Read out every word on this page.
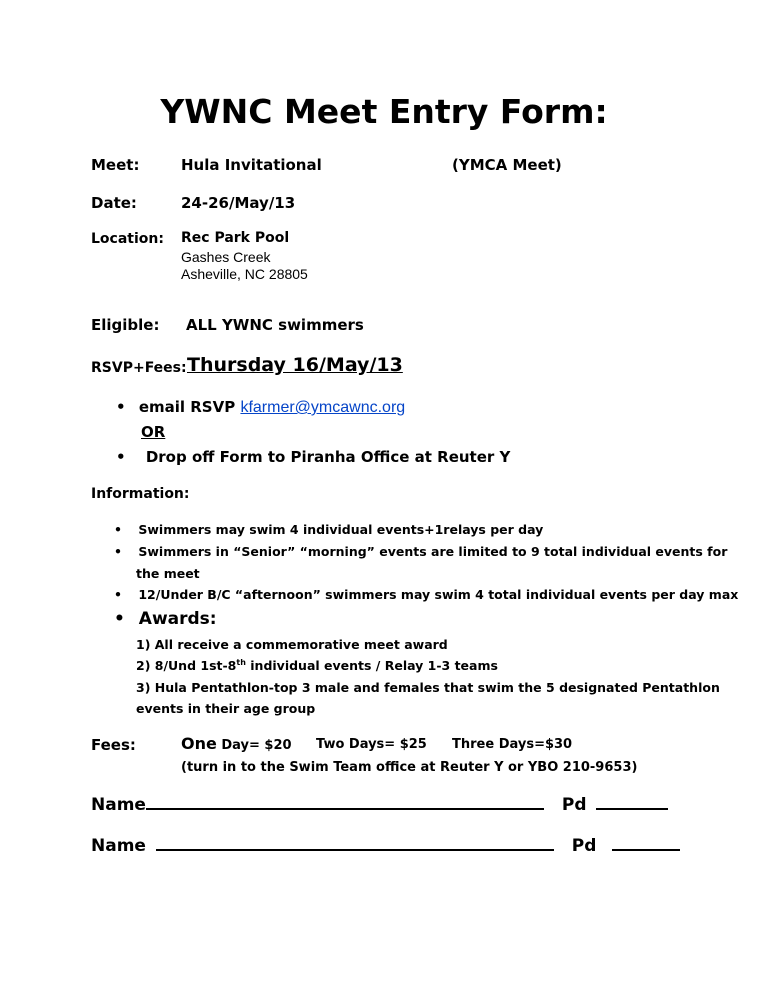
YWNC Meet Entry Form:
Meet:	Hula Invitational	(YMCA Meet)
Date:	24-26/May/13
Location: Rec Park Pool
Gashes Creek
Asheville, NC 28805
Eligible: ALL YWNC swimmers
RSVP+Fees: Thursday 16/May/13
• email RSVP kfarmer@ymcawnc.org
OR
• Drop off Form to Piranha Office at Reuter Y
Information:
• Swimmers may swim 4 individual events+1relays per day
• Swimmers in “Senior” “morning” events are limited to 9 total individual events for
the meet
• 12/Under B/C “afternoon” swimmers may swim 4 total individual events per day max
• Awards:
1) All receive a commemorative meet award
2) 8/Und 1st-8th individual events / Relay 1-3 teams
3) Hula Pentathlon-top 3 male and females that swim the 5 designated Pentathlon
events in their age group
Fees:	One Day= $20 Two Days= $25 Three Days=$30
(turn in to the Swim Team office at Reuter Y or YBO 210-9653)
Name	Pd
Name	Pd
